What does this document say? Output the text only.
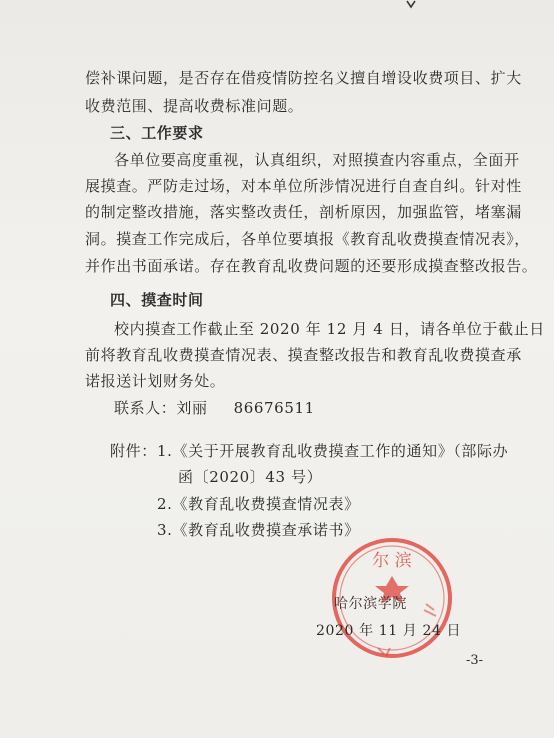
偿补课问题，是否存在借疫情防控名义擅自增设收费项目、扩大

收费范围、提高收费标准问题。

三、工作要求

各单位要高度重视，认真组织，对照摸查内容重点，全面开

展摸查。严防走过场，对本单位所涉情况进行自查自纠。针对性

的制定整改措施，落实整改责任，剖析原因，加强监管，堵塞漏

洞。摸查工作完成后，各单位要填报《教育乱收费摸查情况表》，

并作出书面承诺。存在教育乱收费问题的还要形成摸查整改报告。

四、摸查时间

校内摸查工作截止至 2020 年 12 月 4 日，请各单位于截止日

前将教育乱收费摸查情况表、摸查整改报告和教育乱收费摸查承

诺报送计划财务处。

联系人：刘丽 86676511

附件： 1.《关于开展教育乱收费摸查工作的通知》（部际办

函〔2020〕43 号）

2.《教育乱收费摸查情况表》

3.《教育乱收费摸查承诺书》

尔 滨

哈尔滨学院

2020 年 11 月 24 日

-3-
